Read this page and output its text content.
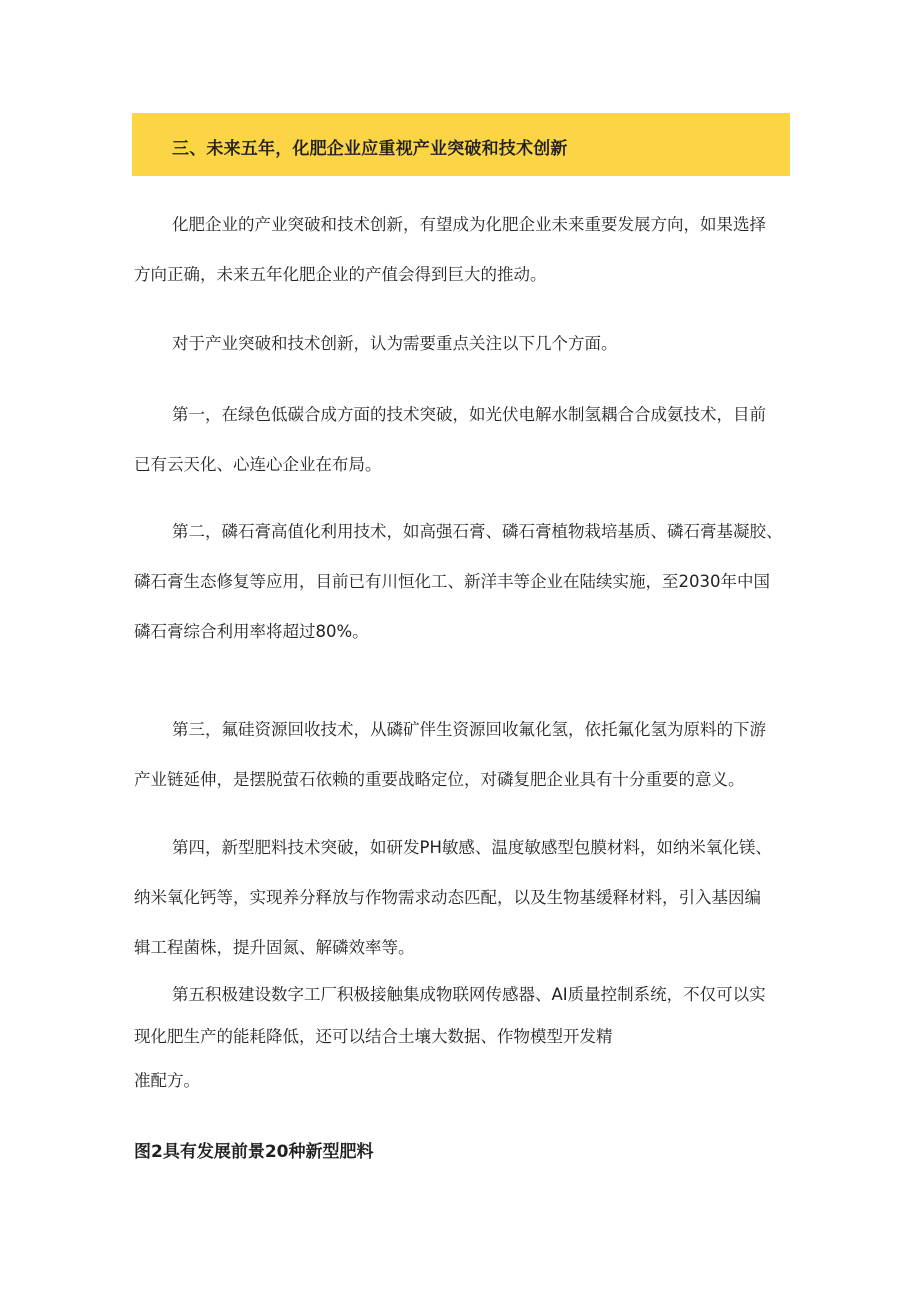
三、未来五年，化肥企业应重视产业突破和技术创新
化肥企业的产业突破和技术创新，有望成为化肥企业未来重要发展方向，如果选择
方向正确，未来五年化肥企业的产值会得到巨大的推动。
对于产业突破和技术创新，认为需要重点关注以下几个方面。
第一，在绿色低碳合成方面的技术突破，如光伏电解水制氢耦合合成氨技术，目前
已有云天化、心连心企业在布局。
第二，磷石膏高值化利用技术，如高强石膏、磷石膏植物栽培基质、磷石膏基凝胶、
磷石膏生态修复等应用，目前已有川恒化工、新洋丰等企业在陆续实施，至2030年中国
磷石膏综合利用率将超过80%。
第三，氟硅资源回收技术，从磷矿伴生资源回收氟化氢，依托氟化氢为原料的下游
产业链延伸，是摆脱萤石依赖的重要战略定位，对磷复肥企业具有十分重要的意义。
第四，新型肥料技术突破，如研发PH敏感、温度敏感型包膜材料，如纳米氧化镁、
纳米氧化钙等，实现养分释放与作物需求动态匹配，以及生物基缓释材料，引入基因编
辑工程菌株，提升固氮、解磷效率等。
第五积极建设数字工厂积极接触集成物联网传感器、AI质量控制系统，不仅可以实
现化肥生产的能耗降低，还可以结合土壤大数据、作物模型开发精
准配方。
图2具有发展前景20种新型肥料
